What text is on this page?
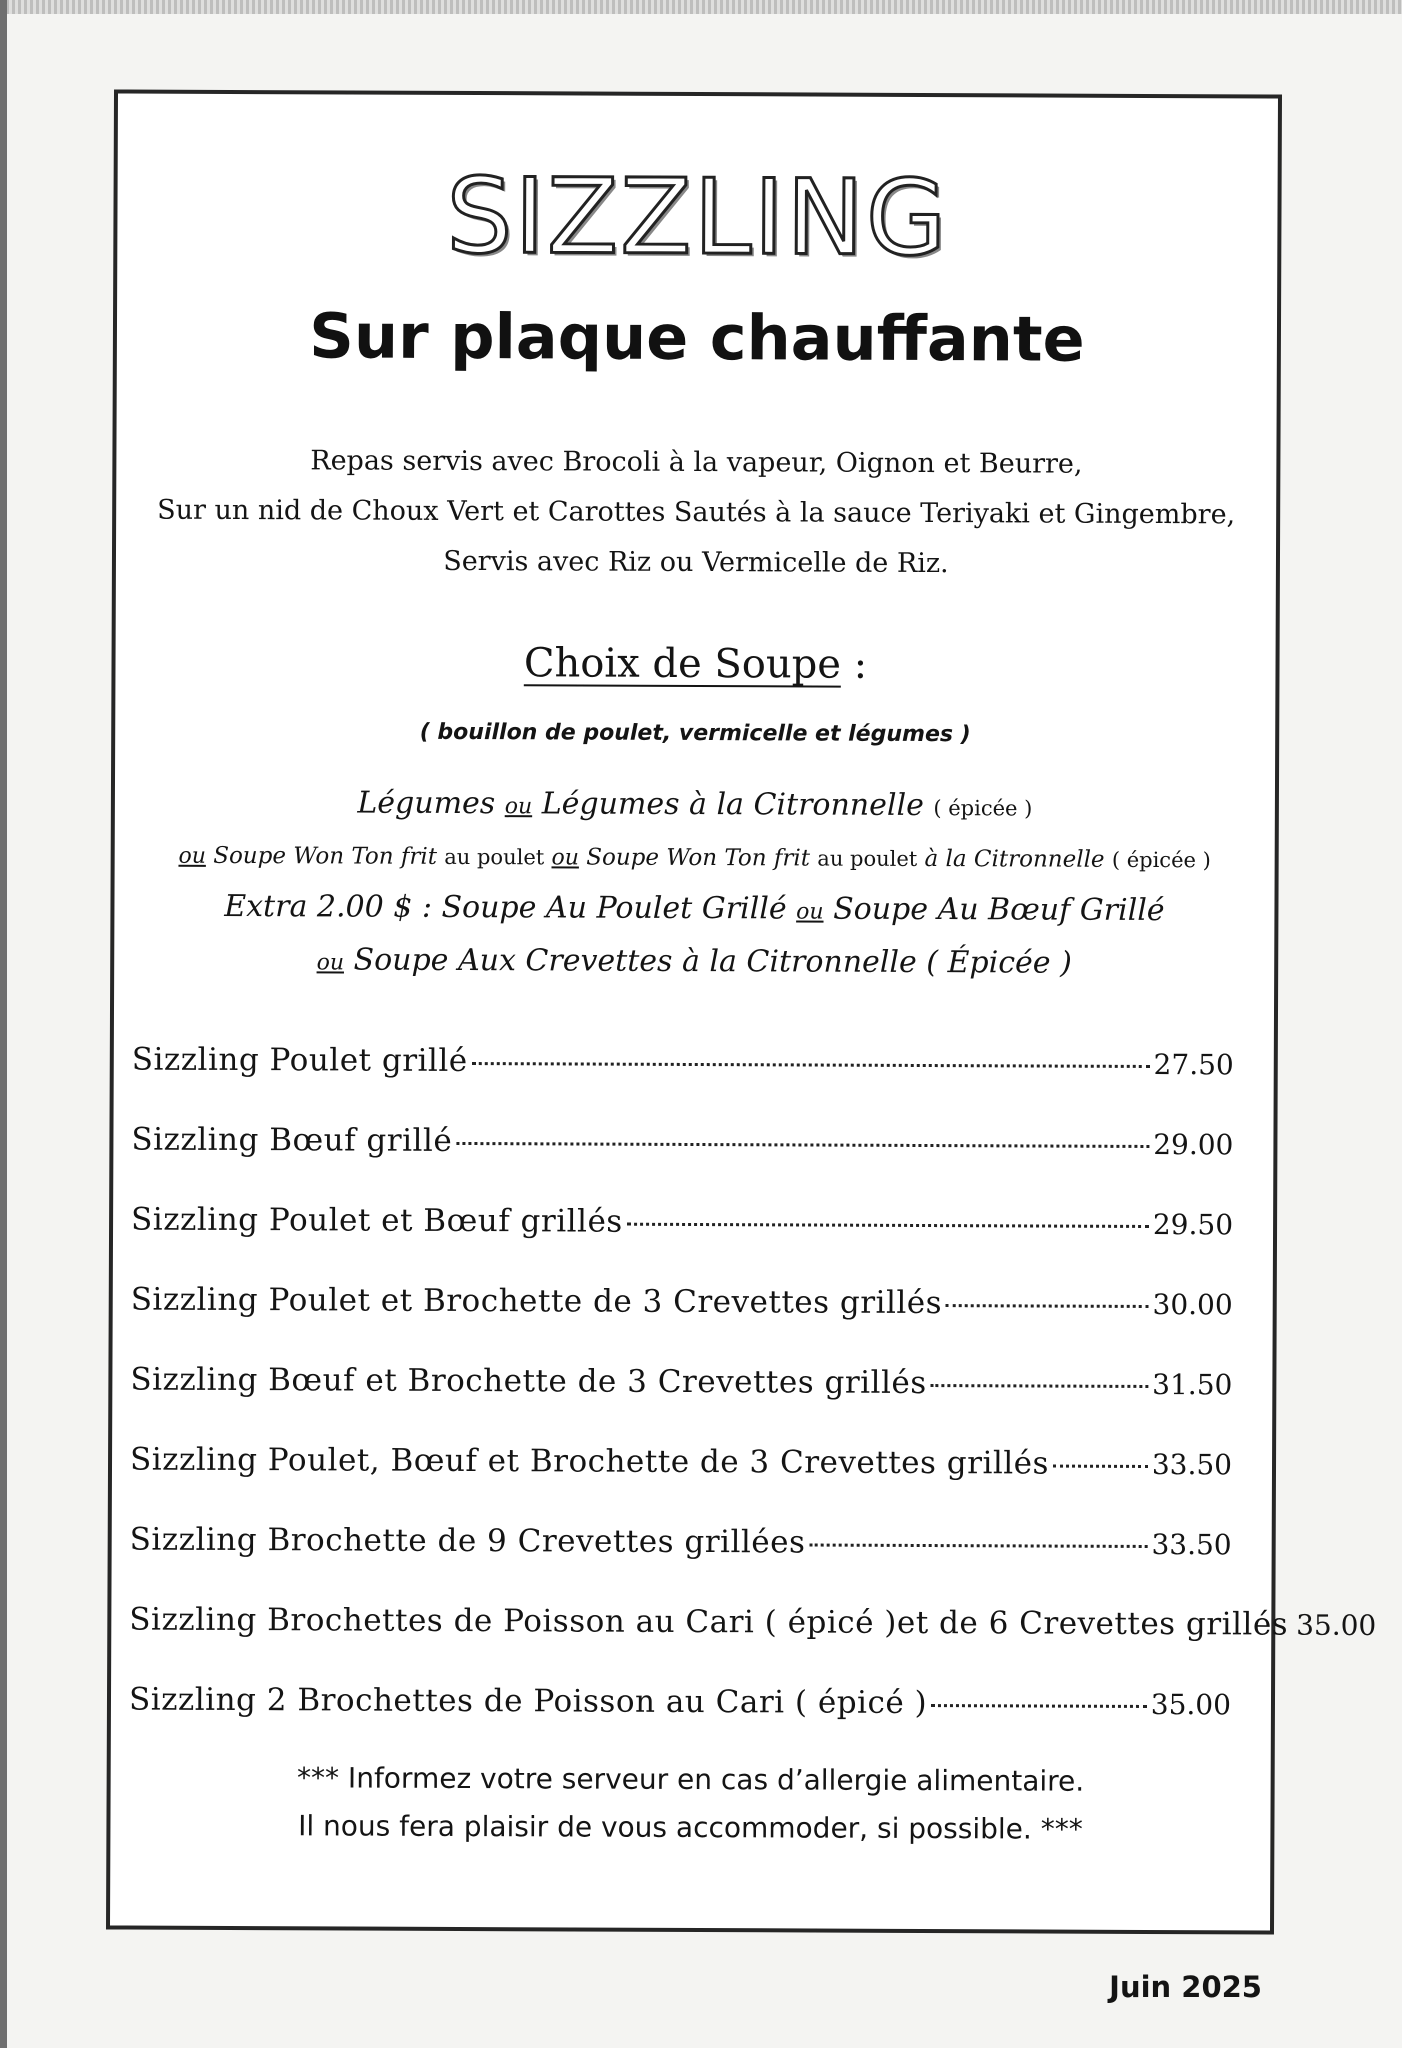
SIZZLING
Sur plaque chauffante
Repas servis avec Brocoli à la vapeur, Oignon et Beurre,
Sur un nid de Choux Vert et Carottes Sautés à la sauce Teriyaki et Gingembre,
Servis avec Riz ou Vermicelle de Riz.
Choix de Soupe :
( bouillon de poulet, vermicelle et légumes )
Légumes ou Légumes à la Citronnelle ( épicée )
ou Soupe Won Ton frit au poulet ou Soupe Won Ton frit au poulet à la Citronnelle ( épicée )
Extra 2.00 $ : Soupe Au Poulet Grillé ou Soupe Au Bœuf Grillé
ou Soupe Aux Crevettes à la Citronnelle ( Épicée )
Sizzling Poulet grillé	27.50
Sizzling Bœuf grillé	29.00
Sizzling Poulet et Bœuf grillés	29.50
Sizzling Poulet et Brochette de 3 Crevettes grillés	30.00
Sizzling Bœuf et Brochette de 3 Crevettes grillés	31.50
Sizzling Poulet, Bœuf et Brochette de 3 Crevettes grillés	33.50
Sizzling Brochette de 9 Crevettes grillées	33.50
Sizzling Brochettes de Poisson au Cari ( épicé )et de 6 Crevettes grillés 35.00
Sizzling 2 Brochettes de Poisson au Cari ( épicé )	35.00
*** Informez votre serveur en cas d’allergie alimentaire.
Il nous fera plaisir de vous accommoder, si possible. ***
Juin 2025
